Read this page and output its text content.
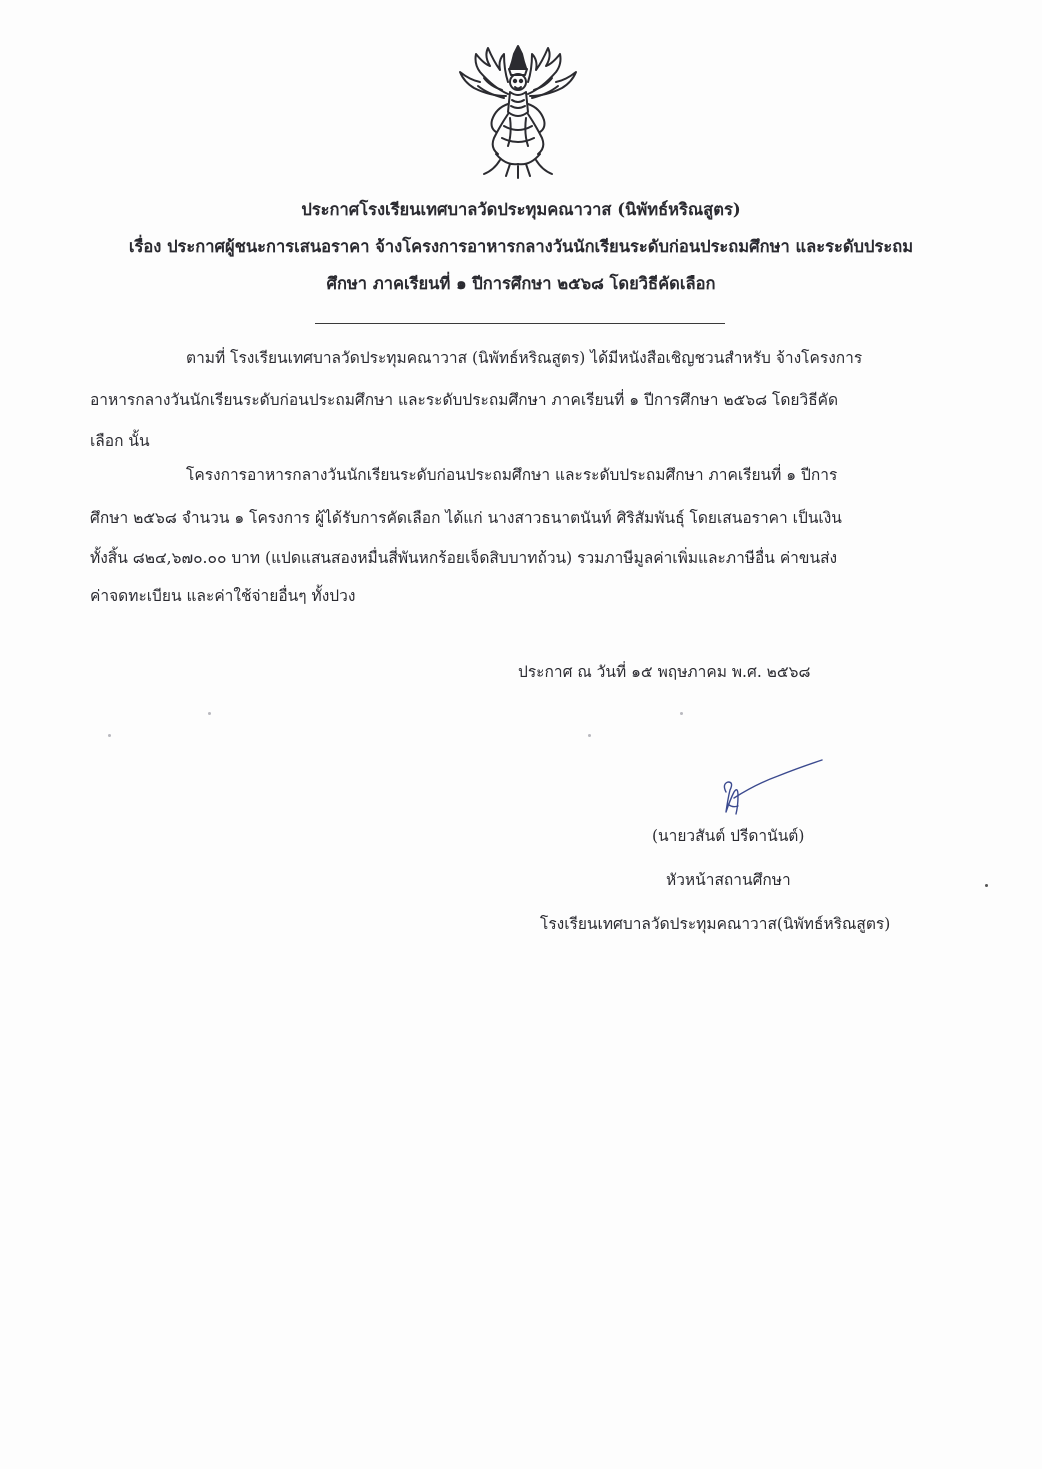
ประกาศโรงเรียนเทศบาลวัดประทุมคณาวาส (นิพัทธ์หริณสูตร)
เรื่อง ประกาศผู้ชนะการเสนอราคา จ้างโครงการอาหารกลางวันนักเรียนระดับก่อนประถมศึกษา และระดับประถม
ศึกษา ภาคเรียนที่ ๑ ปีการศึกษา ๒๕๖๘ โดยวิธีคัดเลือก
ตามที่ โรงเรียนเทศบาลวัดประทุมคณาวาส (นิพัทธ์หริณสูตร) ได้มีหนังสือเชิญชวนสำหรับ จ้างโครงการ
อาหารกลางวันนักเรียนระดับก่อนประถมศึกษา และระดับประถมศึกษา ภาคเรียนที่ ๑ ปีการศึกษา ๒๕๖๘ โดยวิธีคัด
เลือก นั้น
โครงการอาหารกลางวันนักเรียนระดับก่อนประถมศึกษา และระดับประถมศึกษา ภาคเรียนที่ ๑ ปีการ
ศึกษา ๒๕๖๘ จำนวน ๑ โครงการ ผู้ได้รับการคัดเลือก ได้แก่ นางสาวธนาตนันท์ ศิริสัมพันธุ์ โดยเสนอราคา เป็นเงิน
ทั้งสิ้น ๘๒๔,๖๗๐.๐๐ บาท (แปดแสนสองหมื่นสี่พันหกร้อยเจ็ดสิบบาทถ้วน) รวมภาษีมูลค่าเพิ่มและภาษีอื่น ค่าขนส่ง
ค่าจดทะเบียน และค่าใช้จ่ายอื่นๆ ทั้งปวง
ประกาศ ณ วันที่ ๑๕ พฤษภาคม พ.ศ. ๒๕๖๘
(นายวสันต์ ปรีดานันต์)
หัวหน้าสถานศึกษา
โรงเรียนเทศบาลวัดประทุมคณาวาส(นิพัทธ์หริณสูตร)
